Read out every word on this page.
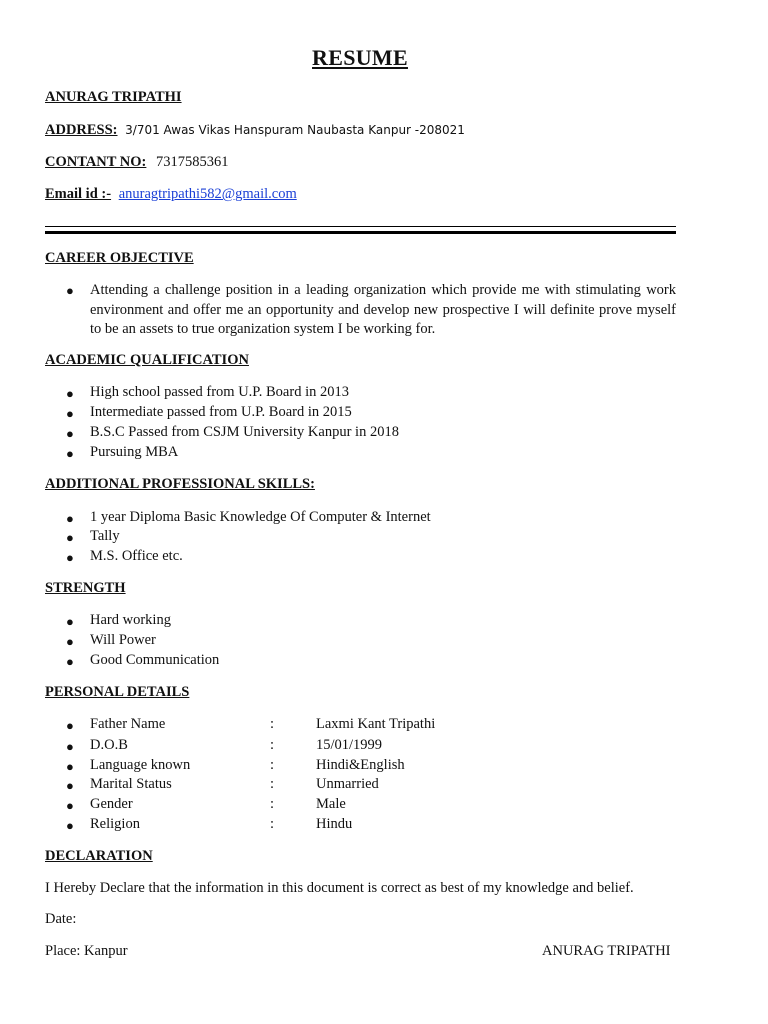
RESUME
ANURAG TRIPATHI
ADDRESS: 3/701 Awas Vikas Hanspuram Naubasta Kanpur -208021
CONTANT NO: 7317585361
Email id :- anuragtripathi582@gmail.com
CAREER OBJECTIVE
● Attending a challenge position in a leading organization which provide me with stimulating work environment and offer me an opportunity and develop new prospective I will definite prove myself to be an assets to true organization system I be working for.
ACADEMIC QUALIFICATION
● High school passed from U.P. Board in 2013
● Intermediate passed from U.P. Board in 2015
● B.S.C Passed from CSJM University Kanpur in 2018
● Pursuing MBA
ADDITIONAL PROFESSIONAL SKILLS:
● 1 year Diploma Basic Knowledge Of Computer & Internet
● Tally
● M.S. Office etc.
STRENGTH
● Hard working
● Will Power
● Good Communication
PERSONAL DETAILS
● Father Name	:	Laxmi Kant Tripathi
● D.O.B	:	15/01/1999
● Language known	:	Hindi&English
● Marital Status	:	Unmarried
● Gender	:	Male
● Religion	:	Hindu
DECLARATION
I Hereby Declare that the information in this document is correct as best of my knowledge and belief.
Date:
Place: Kanpur	ANURAG TRIPATHI
